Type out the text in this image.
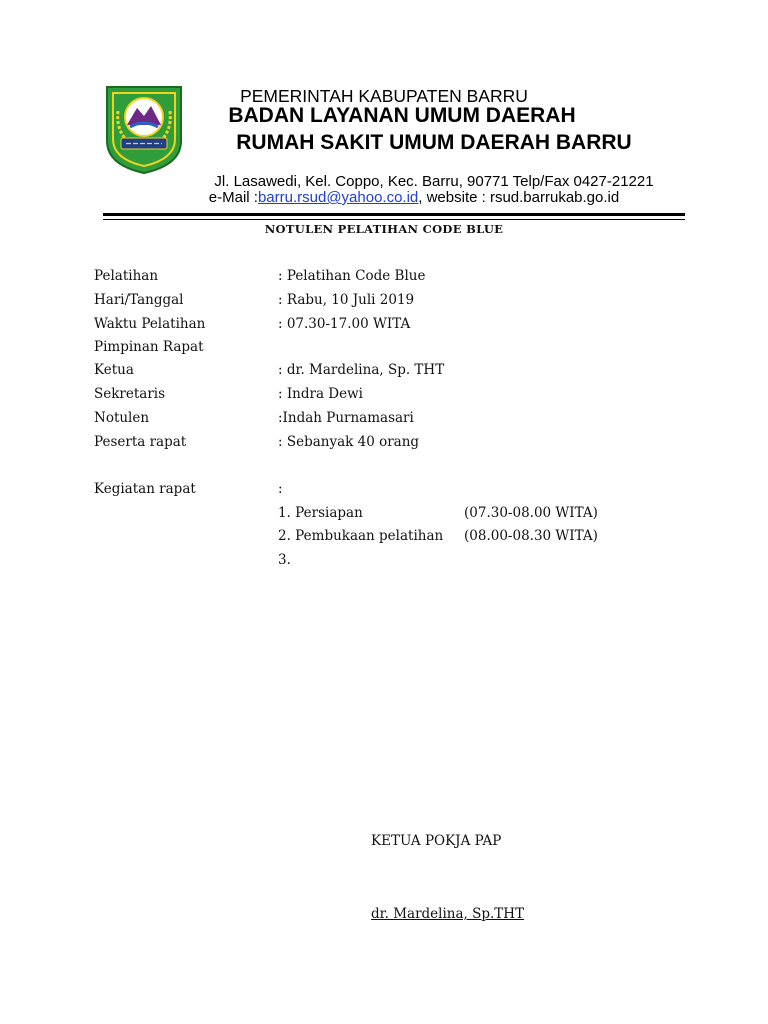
PEMERINTAH KABUPATEN BARRU
BADAN LAYANAN UMUM DAERAH
RUMAH SAKIT UMUM DAERAH BARRU
Jl. Lasawedi, Kel. Coppo, Kec. Barru, 90771 Telp/Fax 0427-21221
e-Mail :barru.rsud@yahoo.co.id, website : rsud.barrukab.go.id
NOTULEN PELATIHAN CODE BLUE
Pelatihan	: Pelatihan Code Blue
Hari/Tanggal	: Rabu, 10 Juli 2019
Waktu Pelatihan	: 07.30-17.00 WITA
Pimpinan Rapat
Ketua	: dr. Mardelina, Sp. THT
Sekretaris	: Indra Dewi
Notulen	:Indah Purnamasari
Peserta rapat	: Sebanyak 40 orang
Kegiatan rapat	:
1. Persiapan	(07.30-08.00 WITA)
2. Pembukaan pelatihan (08.00-08.30 WITA)
3.
KETUA POKJA PAP
dr. Mardelina, Sp.THT
